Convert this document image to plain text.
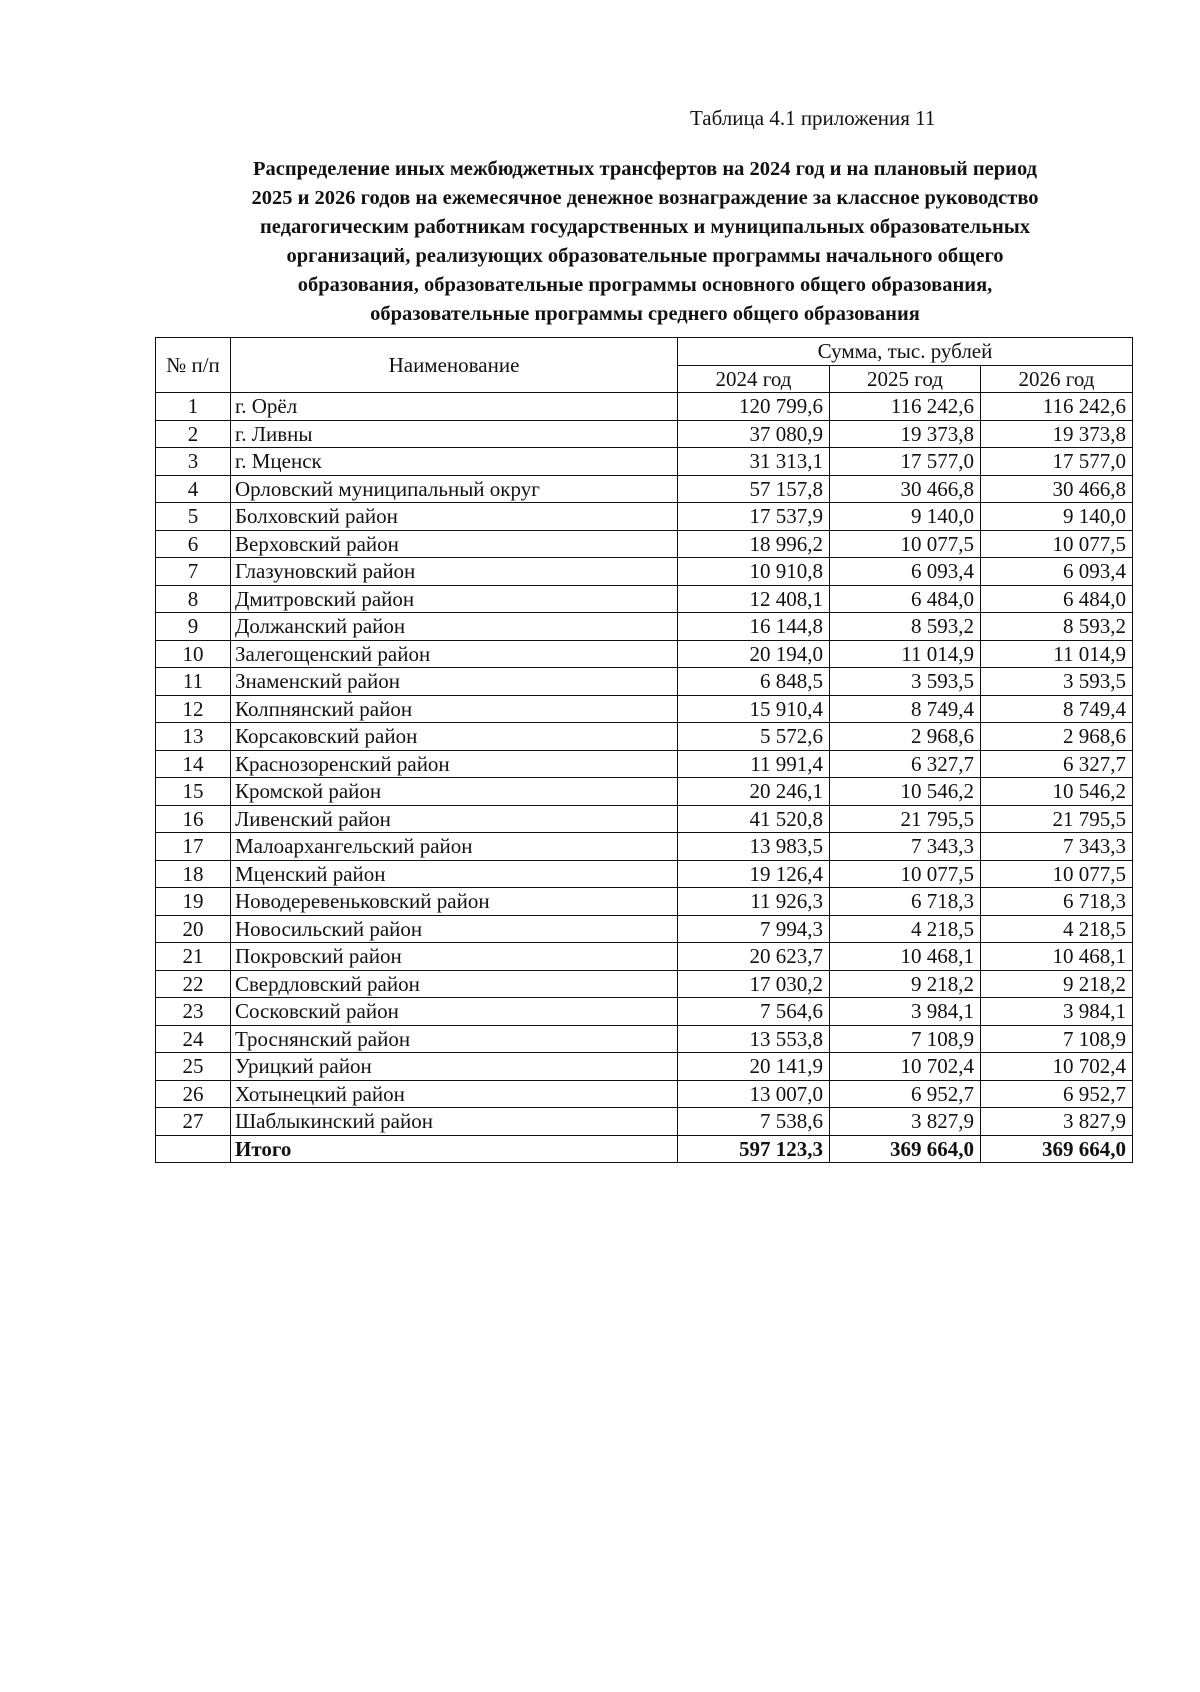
Таблица 4.1 приложения 11
Распределение иных межбюджетных трансфертов на 2024 год и на плановый период
2025 и 2026 годов на ежемесячное денежное вознаграждение за классное руководство
педагогическим работникам государственных и муниципальных образовательных
организаций, реализующих образовательные программы начального общего
образования, образовательные программы основного общего образования,
образовательные программы среднего общего образования
№ п/п	Наименование	Сумма, тыс. рублей		
		2024 год	2025 год	2026 год
1	г. Орёл	120 799,6	116 242,6	116 242,6
2	г. Ливны	37 080,9	19 373,8	19 373,8
3	г. Мценск	31 313,1	17 577,0	17 577,0
4	Орловский муниципальный округ	57 157,8	30 466,8	30 466,8
5	Болховский район	17 537,9	9 140,0	9 140,0
6	Верховский район	18 996,2	10 077,5	10 077,5
7	Глазуновский район	10 910,8	6 093,4	6 093,4
8	Дмитровский район	12 408,1	6 484,0	6 484,0
9	Должанский район	16 144,8	8 593,2	8 593,2
10	Залегощенский район	20 194,0	11 014,9	11 014,9
11	Знаменский район	6 848,5	3 593,5	3 593,5
12	Колпнянский район	15 910,4	8 749,4	8 749,4
13	Корсаковский район	5 572,6	2 968,6	2 968,6
14	Краснозоренский район	11 991,4	6 327,7	6 327,7
15	Кромской район	20 246,1	10 546,2	10 546,2
16	Ливенский район	41 520,8	21 795,5	21 795,5
17	Малоархангельский район	13 983,5	7 343,3	7 343,3
18	Мценский район	19 126,4	10 077,5	10 077,5
19	Новодеревеньковский район	11 926,3	6 718,3	6 718,3
20	Новосильский район	7 994,3	4 218,5	4 218,5
21	Покровский район	20 623,7	10 468,1	10 468,1
22	Свердловский район	17 030,2	9 218,2	9 218,2
23	Сосковский район	7 564,6	3 984,1	3 984,1
24	Троснянский район	13 553,8	7 108,9	7 108,9
25	Урицкий район	20 141,9	10 702,4	10 702,4
26	Хотынецкий район	13 007,0	6 952,7	6 952,7
27	Шаблыкинский район	7 538,6	3 827,9	3 827,9
	Итого	597 123,3	369 664,0	369 664,0
